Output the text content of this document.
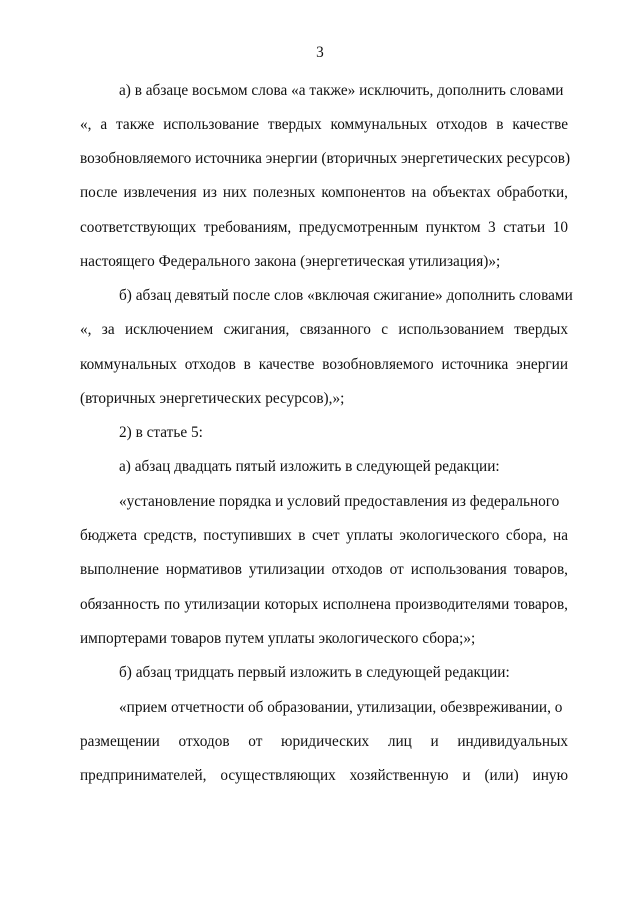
3
а) в абзаце восьмом слова «а также» исключить, дополнить словами
«, а также использование твердых коммунальных отходов в качестве
возобновляемого источника энергии (вторичных энергетических ресурсов)
после извлечения из них полезных компонентов на объектах обработки,
соответствующих требованиям, предусмотренным пунктом 3 статьи 10
настоящего Федерального закона (энергетическая утилизация)»;
б) абзац девятый после слов «включая сжигание» дополнить словами
«, за исключением сжигания, связанного с использованием твердых
коммунальных отходов в качестве возобновляемого источника энергии
(вторичных энергетических ресурсов),»;
2) в статье 5:
а) абзац двадцать пятый изложить в следующей редакции:
«установление порядка и условий предоставления из федерального
бюджета средств, поступивших в счет уплаты экологического сбора, на
выполнение нормативов утилизации отходов от использования товаров,
обязанность по утилизации которых исполнена производителями товаров,
импортерами товаров путем уплаты экологического сбора;»;
б) абзац тридцать первый изложить в следующей редакции:
«прием отчетности об образовании, утилизации, обезвреживании, о
размещении отходов от юридических лиц и индивидуальных
предпринимателей, осуществляющих хозяйственную и (или) иную
